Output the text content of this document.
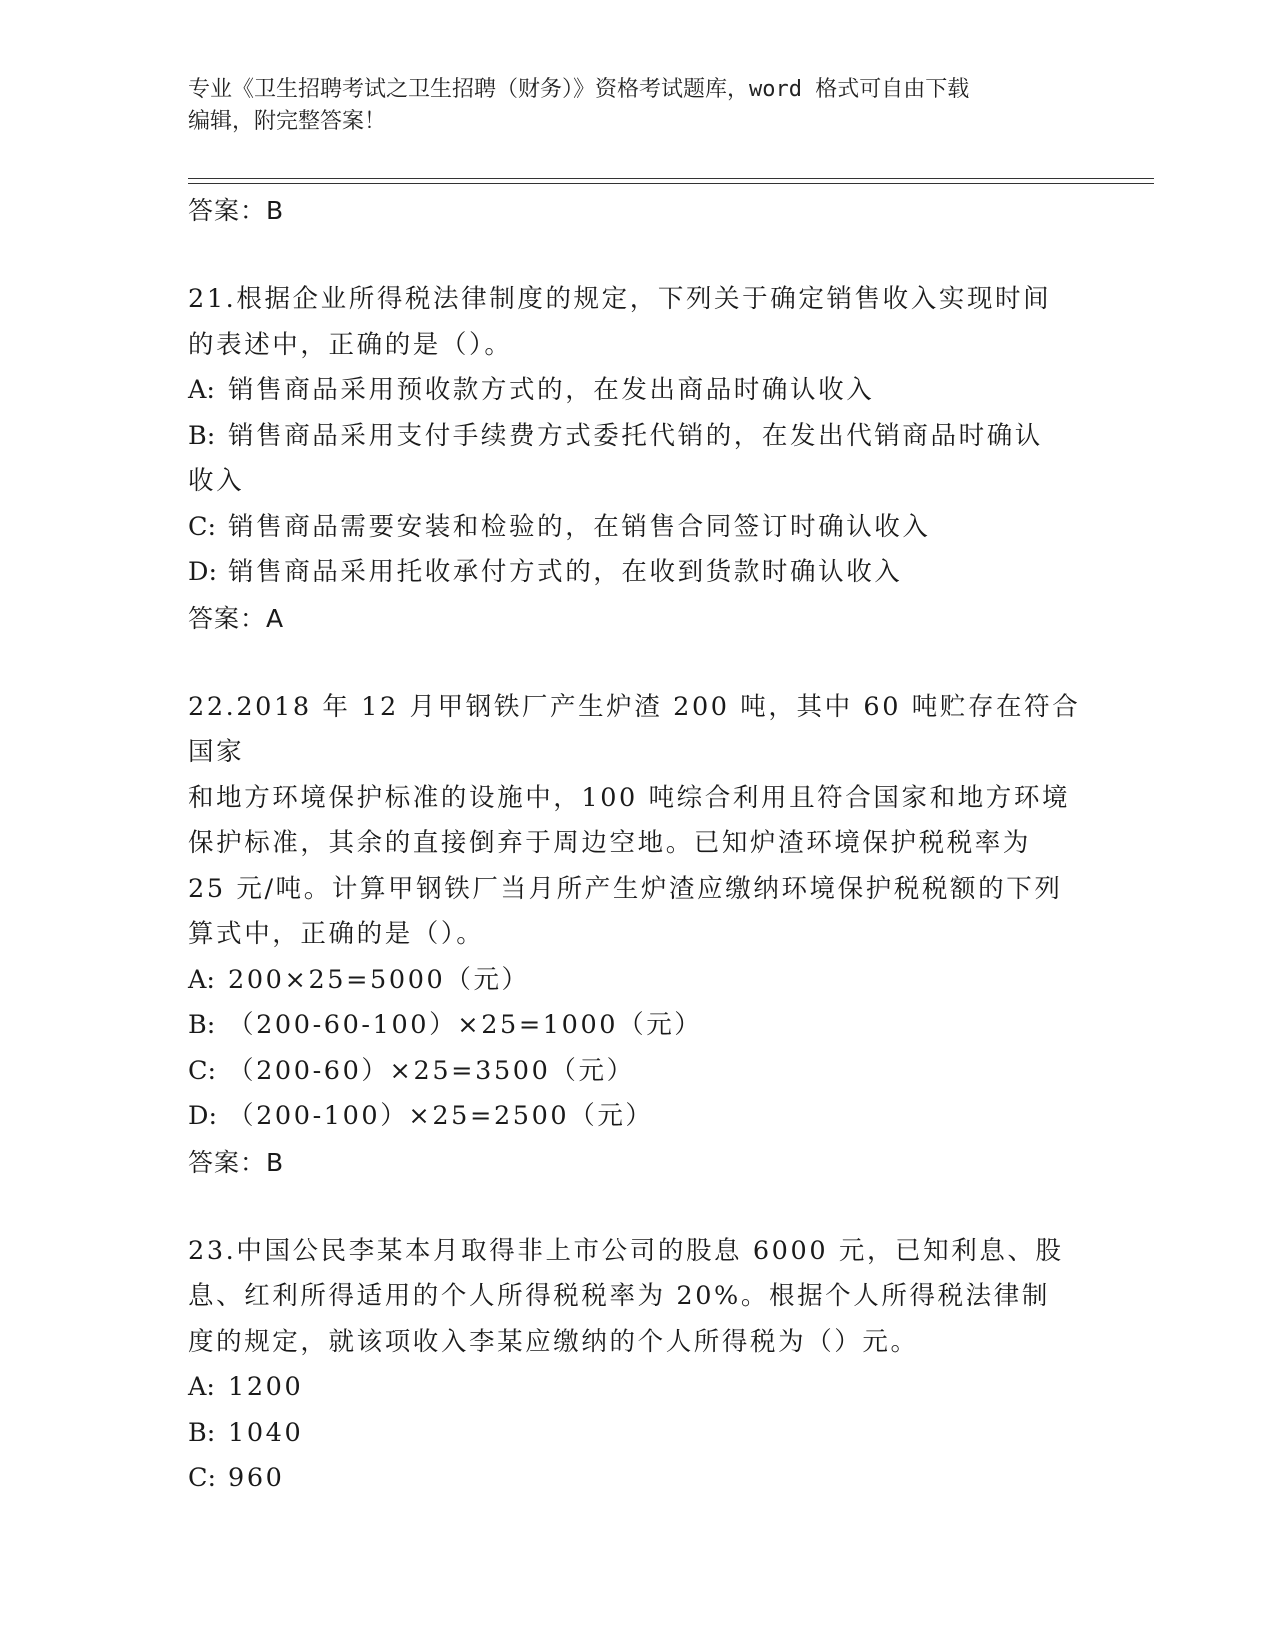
专业《卫生招聘考试之卫生招聘（财务）》资格考试题库，word 格式可自由下载
编辑，附完整答案！
答案：B
21.根据企业所得税法律制度的规定，下列关于确定销售收入实现时间
的表述中，正确的是（）。
A: 销售商品采用预收款方式的，在发出商品时确认收入
B: 销售商品采用支付手续费方式委托代销的，在发出代销商品时确认
收入
C: 销售商品需要安装和检验的，在销售合同签订时确认收入
D: 销售商品采用托收承付方式的，在收到货款时确认收入
答案：A
22.2018 年 12 月甲钢铁厂产生炉渣 200 吨，其中 60 吨贮存在符合国家
和地方环境保护标准的设施中，100 吨综合利用且符合国家和地方环境
保护标准，其余的直接倒弃于周边空地。已知炉渣环境保护税税率为
25 元/吨。计算甲钢铁厂当月所产生炉渣应缴纳环境保护税税额的下列
算式中，正确的是（）。
A: 200×25=5000（元）
B: （200-60-100）×25=1000（元）
C: （200-60）×25=3500（元）
D: （200-100）×25=2500（元）
答案：B
23.中国公民李某本月取得非上市公司的股息 6000 元，已知利息、股
息、红利所得适用的个人所得税税率为 20%。根据个人所得税法律制
度的规定，就该项收入李某应缴纳的个人所得税为（）元。
A: 1200
B: 1040
C: 960
